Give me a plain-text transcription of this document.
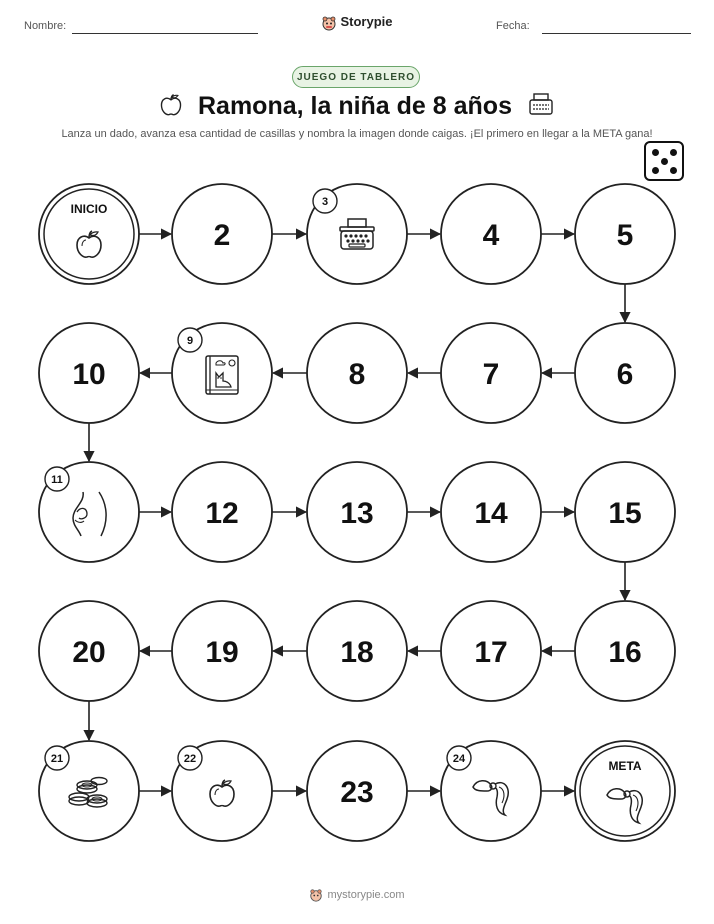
Nombre:	Storypie	Fecha:
JUEGO DE TABLERO
Ramona, la niña de 8 años
Lanza un dado, avanza esa cantidad de casillas y nombra la imagen donde caigas. ¡El primero en llegar a la META gana!
INICIO
2
3
4	5
6
7
8
9
10
11
12	13	14	15
16
17
18
19
20
21	22
23
24	META
mystorypie.com
